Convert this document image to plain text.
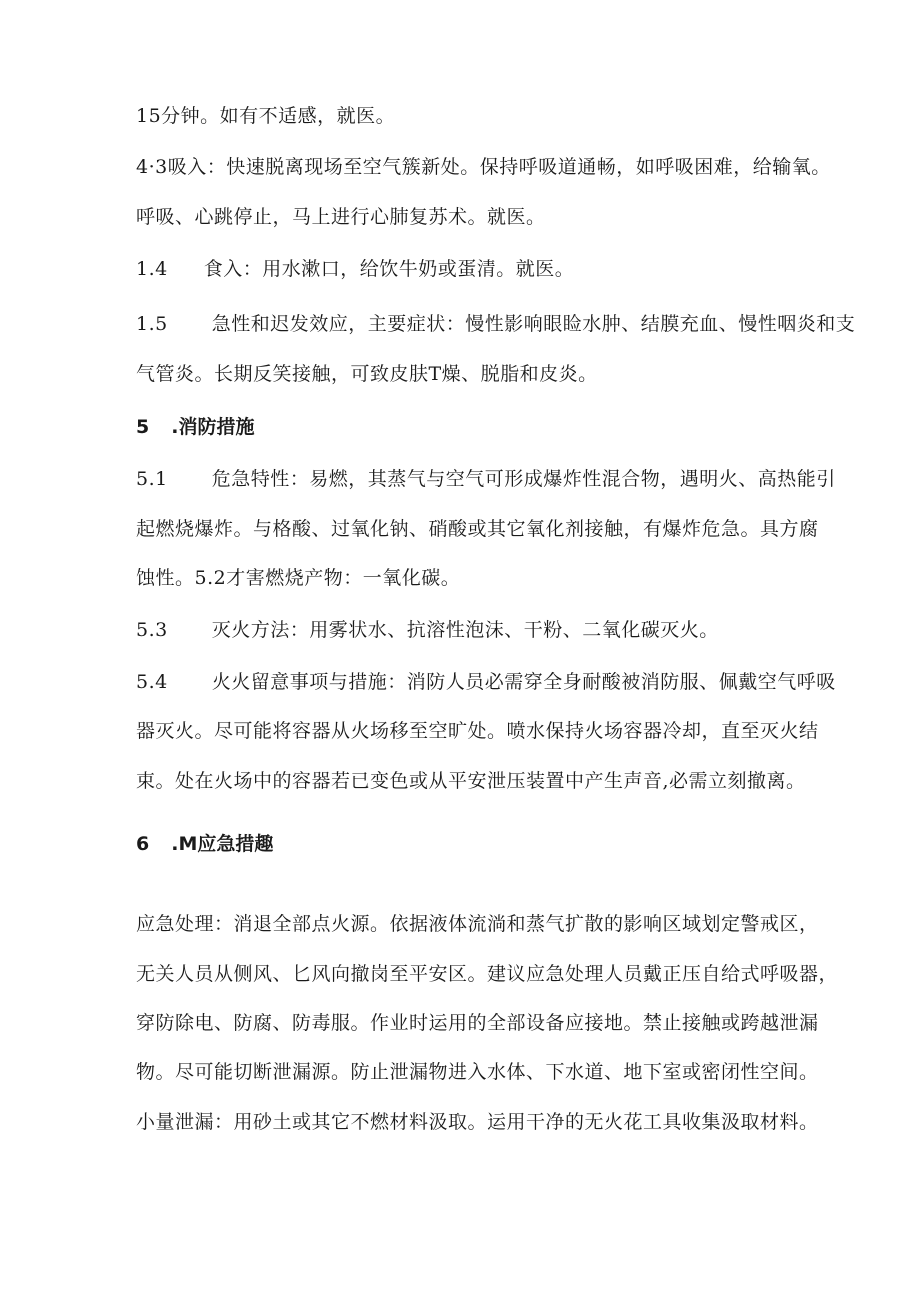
15分钟。如有不适感，就医。
4·3吸入：快速脱离现场至空气簇新处。保持呼吸道通畅，如呼吸困难，给输氧。
呼吸、心跳停止，马上进行心肺复苏术。就医。
1.4 食入：用水漱口，给饮牛奶或蛋清。就医。
1.5 急性和迟发效应，主要症状：慢性影响眼睑水肿、结膜充血、慢性咽炎和支
气管炎。长期反笑接触，可致皮肤T燥、脱脂和皮炎。
5 .消防措施
5.1 危急特性：易燃，其蒸气与空气可形成爆炸性混合物，遇明火、高热能引
起燃烧爆炸。与格酸、过氧化钠、硝酸或其它氧化剂接触，有爆炸危急。具方腐
蚀性。5.2才害燃烧产物：一氧化碳。
5.3 灭火方法：用雾状水、抗溶性泡沫、干粉、二氧化碳灭火。
5.4 火火留意事项与措施：消防人员必需穿全身耐酸被消防服、佩戴空气呼吸
器灭火。尽可能将容器从火场移至空旷处。喷水保持火场容器冷却，直至灭火结
束。处在火场中的容器若已变色或从平安泄压装置中产生声音,必需立刻撤离。
6 .M应急措趣
应急处理：消退全部点火源。依据液体流淌和蒸气扩散的影响区域划定警戒区，
无关人员从侧风、匕风向撤岗至平安区。建议应急处理人员戴正压自给式呼吸器，
穿防除电、防腐、防毒服。作业时运用的全部设备应接地。禁止接触或跨越泄漏
物。尽可能切断泄漏源。防止泄漏物进入水体、下水道、地下室或密闭性空间。
小量泄漏：用砂土或其它不燃材料汲取。运用干净的无火花工具收集汲取材料。
